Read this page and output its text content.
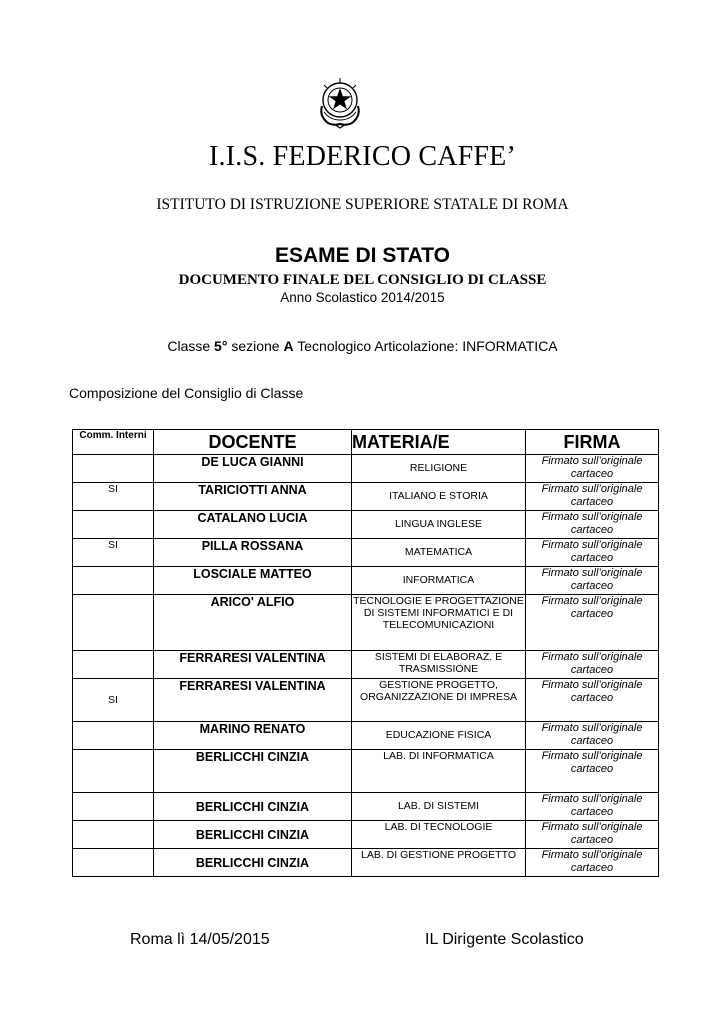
I.I.S. FEDERICO CAFFE’
ISTITUTO DI ISTRUZIONE SUPERIORE STATALE DI ROMA
ESAME DI STATO
DOCUMENTO FINALE DEL CONSIGLIO DI CLASSE
Anno Scolastico 2014/2015
Classe 5° sezione A Tecnologico Articolazione: INFORMATICA
Composizione del Consiglio di Classe
Comm. Interni	DOCENTE	MATERIA/E	FIRMA
	DE LUCA GIANNI	RELIGIONE	Firmato sull’originale cartaceo
SI	TARICIOTTI ANNA	ITALIANO E STORIA	Firmato sull’originale cartaceo
	CATALANO LUCIA	LINGUA INGLESE	Firmato sull’originale cartaceo
SI	PILLA ROSSANA	MATEMATICA	Firmato sull’originale cartaceo
	LOSCIALE MATTEO	INFORMATICA	Firmato sull’originale cartaceo
	ARICO' ALFIO	TECNOLOGIE E PROGETTAZIONE DI SISTEMI INFORMATICI E DI TELECOMUNICAZIONI	Firmato sull’originale cartaceo
	FERRARESI VALENTINA	SISTEMI DI ELABORAZ. E TRASMISSIONE	Firmato sull’originale cartaceo
SI	FERRARESI VALENTINA	GESTIONE PROGETTO, ORGANIZZAZIONE DI IMPRESA	Firmato sull’originale cartaceo
	MARINO RENATO	EDUCAZIONE FISICA	Firmato sull’originale cartaceo
	BERLICCHI CINZIA	LAB. DI INFORMATICA	Firmato sull’originale cartaceo
	BERLICCHI CINZIA	LAB. DI SISTEMI	Firmato sull’originale cartaceo
	BERLICCHI CINZIA	LAB. DI TECNOLOGIE	Firmato sull’originale cartaceo
	BERLICCHI CINZIA	LAB. DI GESTIONE PROGETTO	Firmato sull’originale cartaceo
Roma lì 14/05/2015	IL Dirigente Scolastico
